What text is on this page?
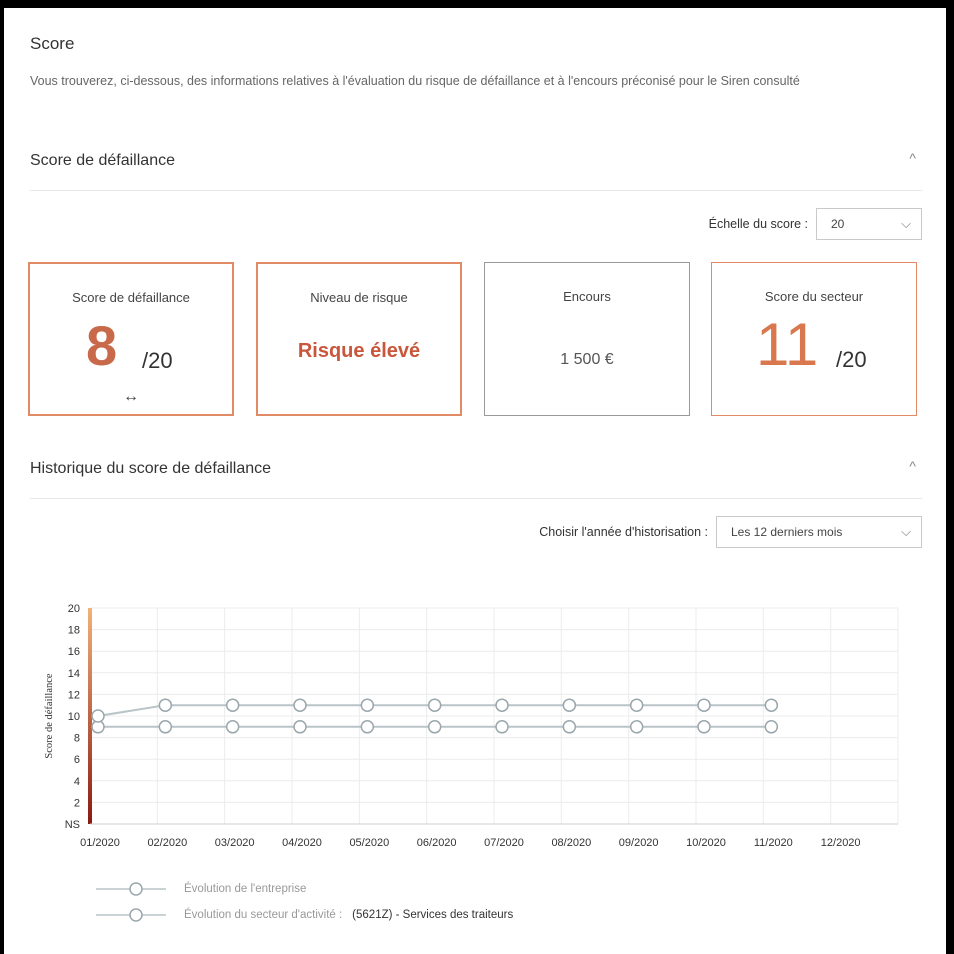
Score
Vous trouverez, ci-dessous, des informations relatives à l'évaluation du risque de défaillance et à l'encours préconisé pour le Siren consulté
Score de défaillance	^
Échelle du score : 20	⌵
Score de défaillance
8 /20
↔
Niveau de risque
Risque élevé
Encours
1 500 €
Score du secteur
11 /20
Historique du score de défaillance	^
Choisir l'année d'historisation : Les 12 derniers mois	⌵
NS
2
4
6
8
10
12
14
16
18
20
Score de défaillance
01/2020	02/2020	03/2020	04/2020	05/2020	06/2020	07/2020	08/2020	09/2020	10/2020	11/2020	12/2020
Évolution de l'entreprise
Évolution du secteur d'activité : (5621Z) - Services des traiteurs
